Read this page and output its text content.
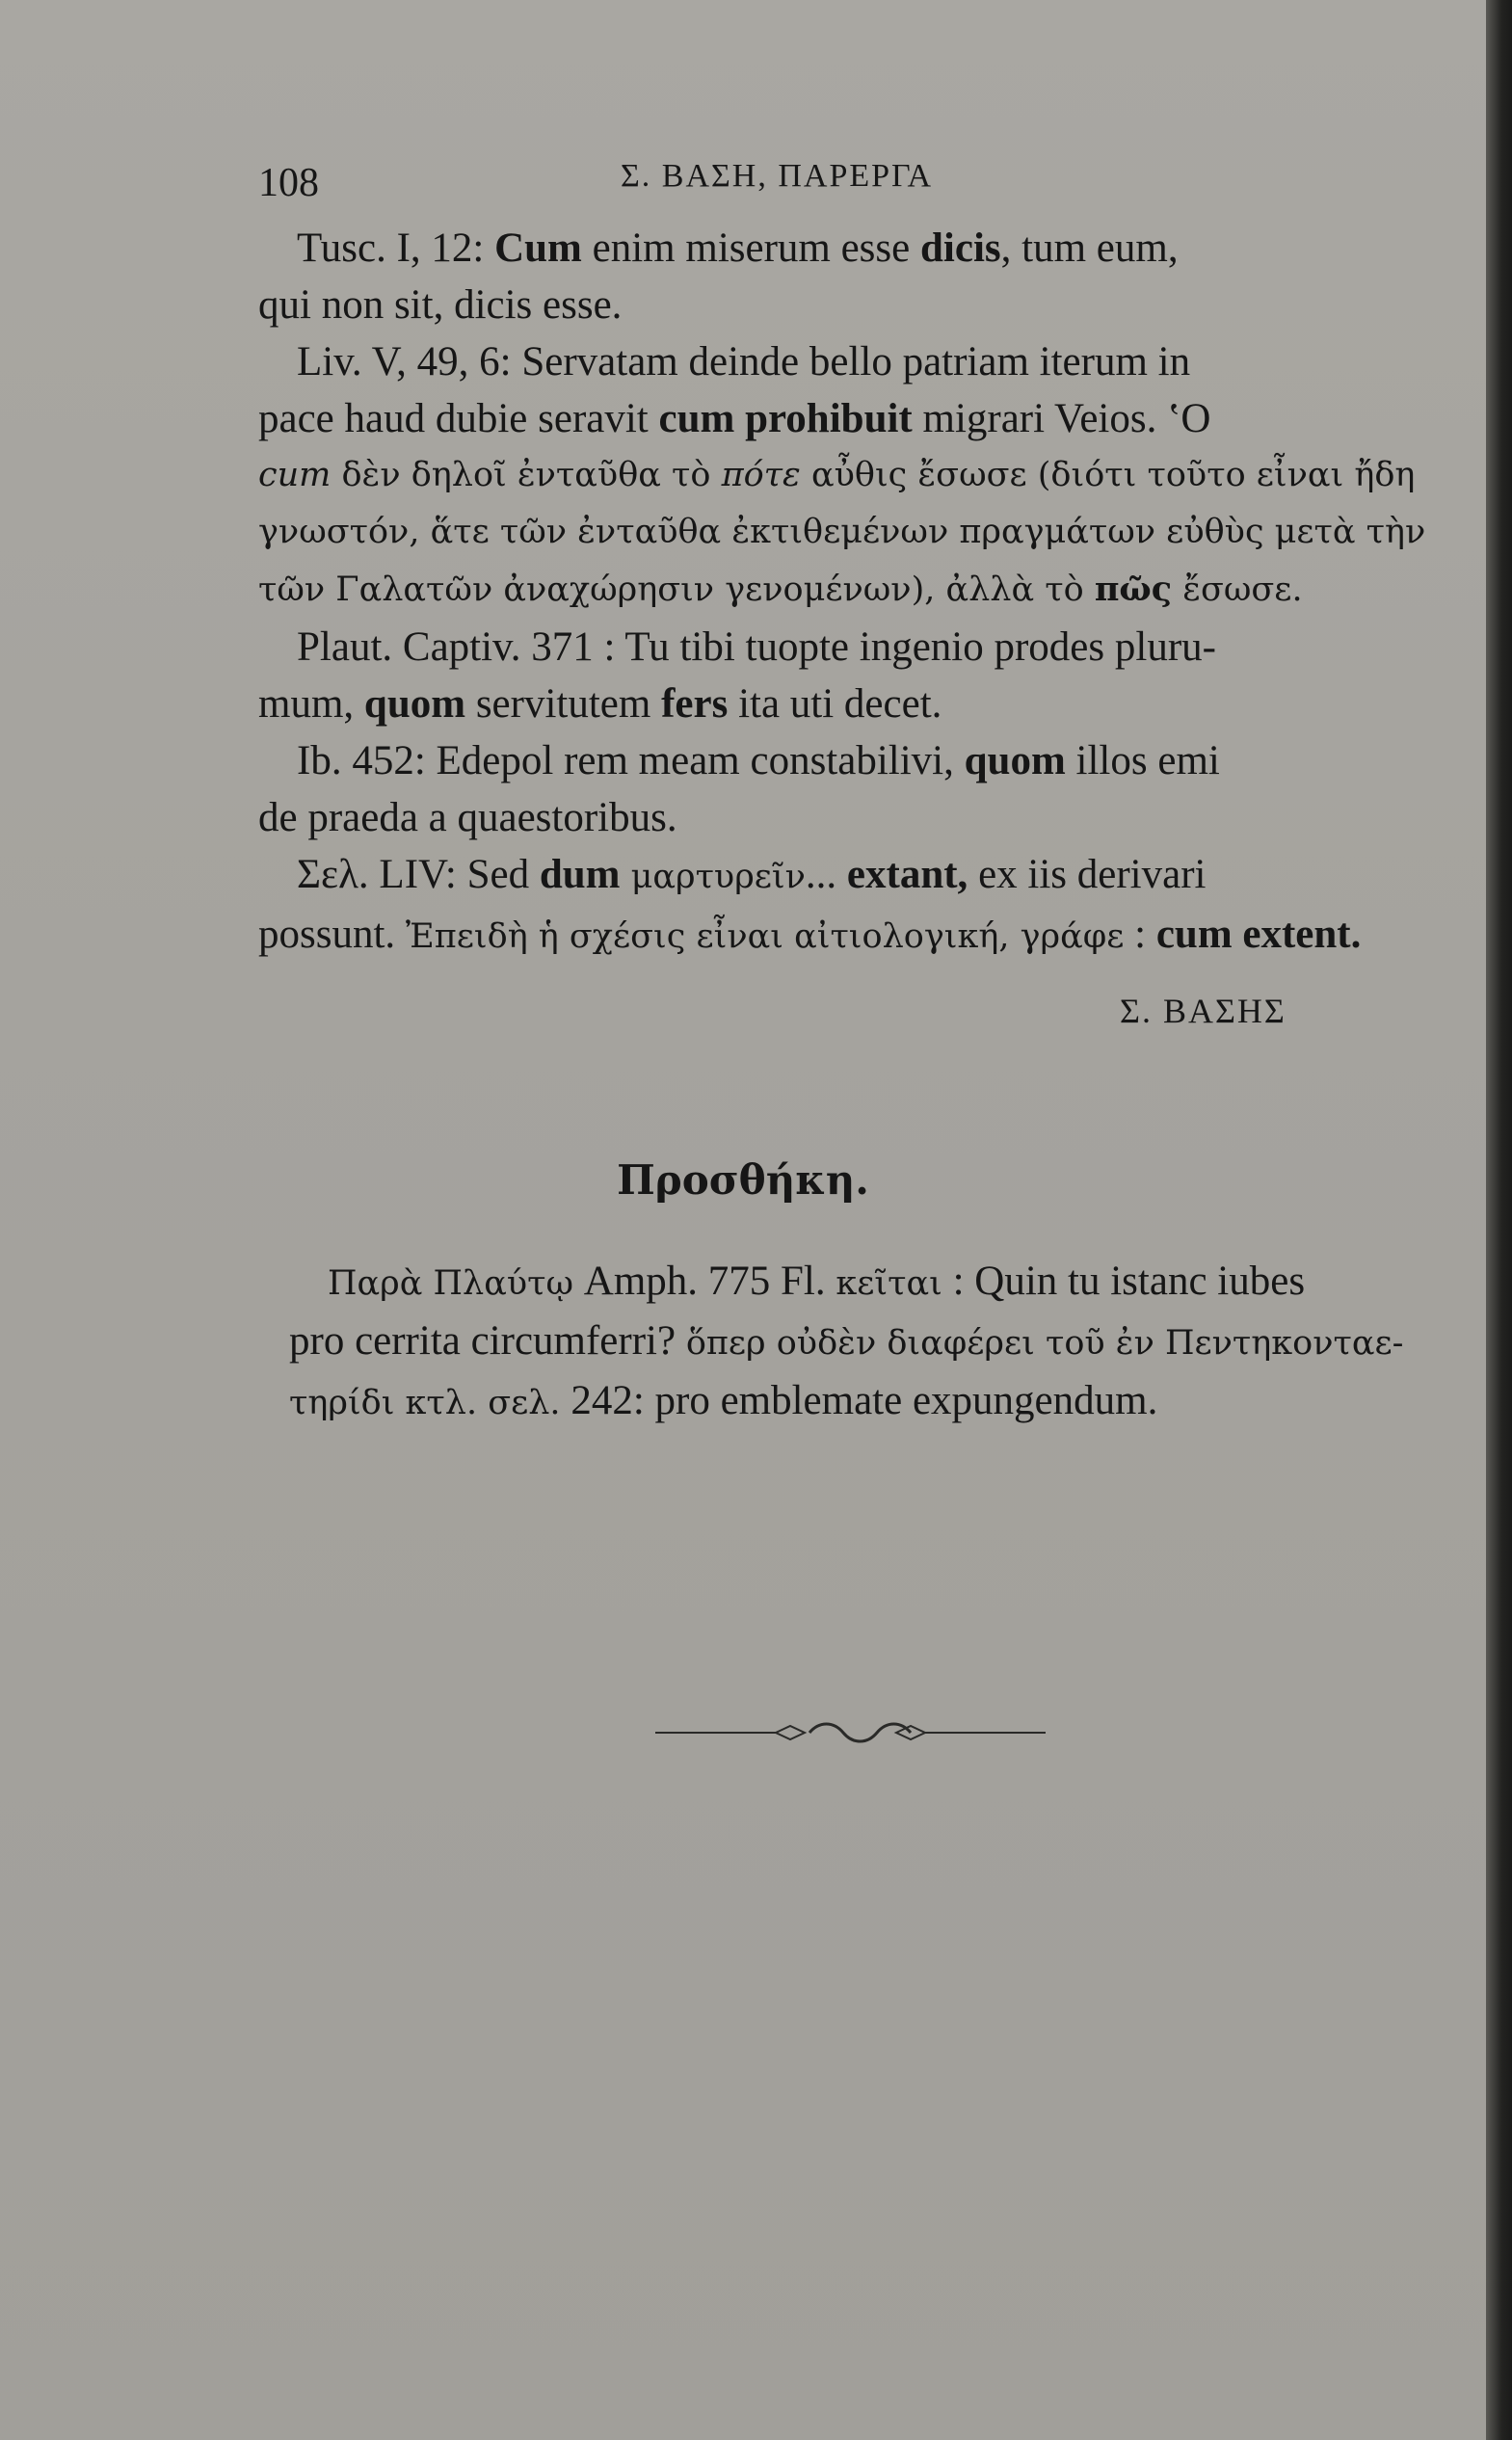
108	Σ. ΒΑΣΗ, ΠΑΡΕΡΓΑ

Tusc. I, 12: Cum enim miserum esse dicis, tum eum,
qui non sit, dicis esse.
Liv. V, 49, 6: Servatam deinde bello patriam iterum in
pace haud dubie seravit cum prohibuit migrari Veios. ʽΟ
cum δὲν δηλοῖ ἐνταῦθα τὸ πότε αὖθις ἔσωσε (διότι τοῦτο εἶναι ἤδη
γνωστόν, ἅτε τῶν ἐνταῦθα ἐκτιθεμένων πραγμάτων εὐθὺς μετὰ τὴν
τῶν Γαλατῶν ἀναχώρησιν γενομένων), ἀλλὰ τὸ πῶς ἔσωσε.
Plaut. Captiv. 371 : Tu tibi tuopte ingenio prodes pluru-
mum, quom servitutem fers ita uti decet.
Ib. 452: Edepol rem meam constabilivi, quom illos emi
de praeda a quaestoribus.
Σελ. LIV: Sed dum μαρτυρεῖν... extant, ex iis derivari
possunt. Ἐπειδὴ ἡ σχέσις εἶναι αἰτιολογική, γράφε : cum extent.

Σ. ΒΑΣΗΣ
Προσθήκη.

Παρὰ Πλαύτῳ Amph. 775 Fl. κεῖται : Quin tu istanc iubes
pro cerrita circumferri? ὅπερ οὐδὲν διαφέρει τοῦ ἐν Πεντηκονταε-
τηρίδι κτλ. σελ. 242: pro emblemate expungendum.
